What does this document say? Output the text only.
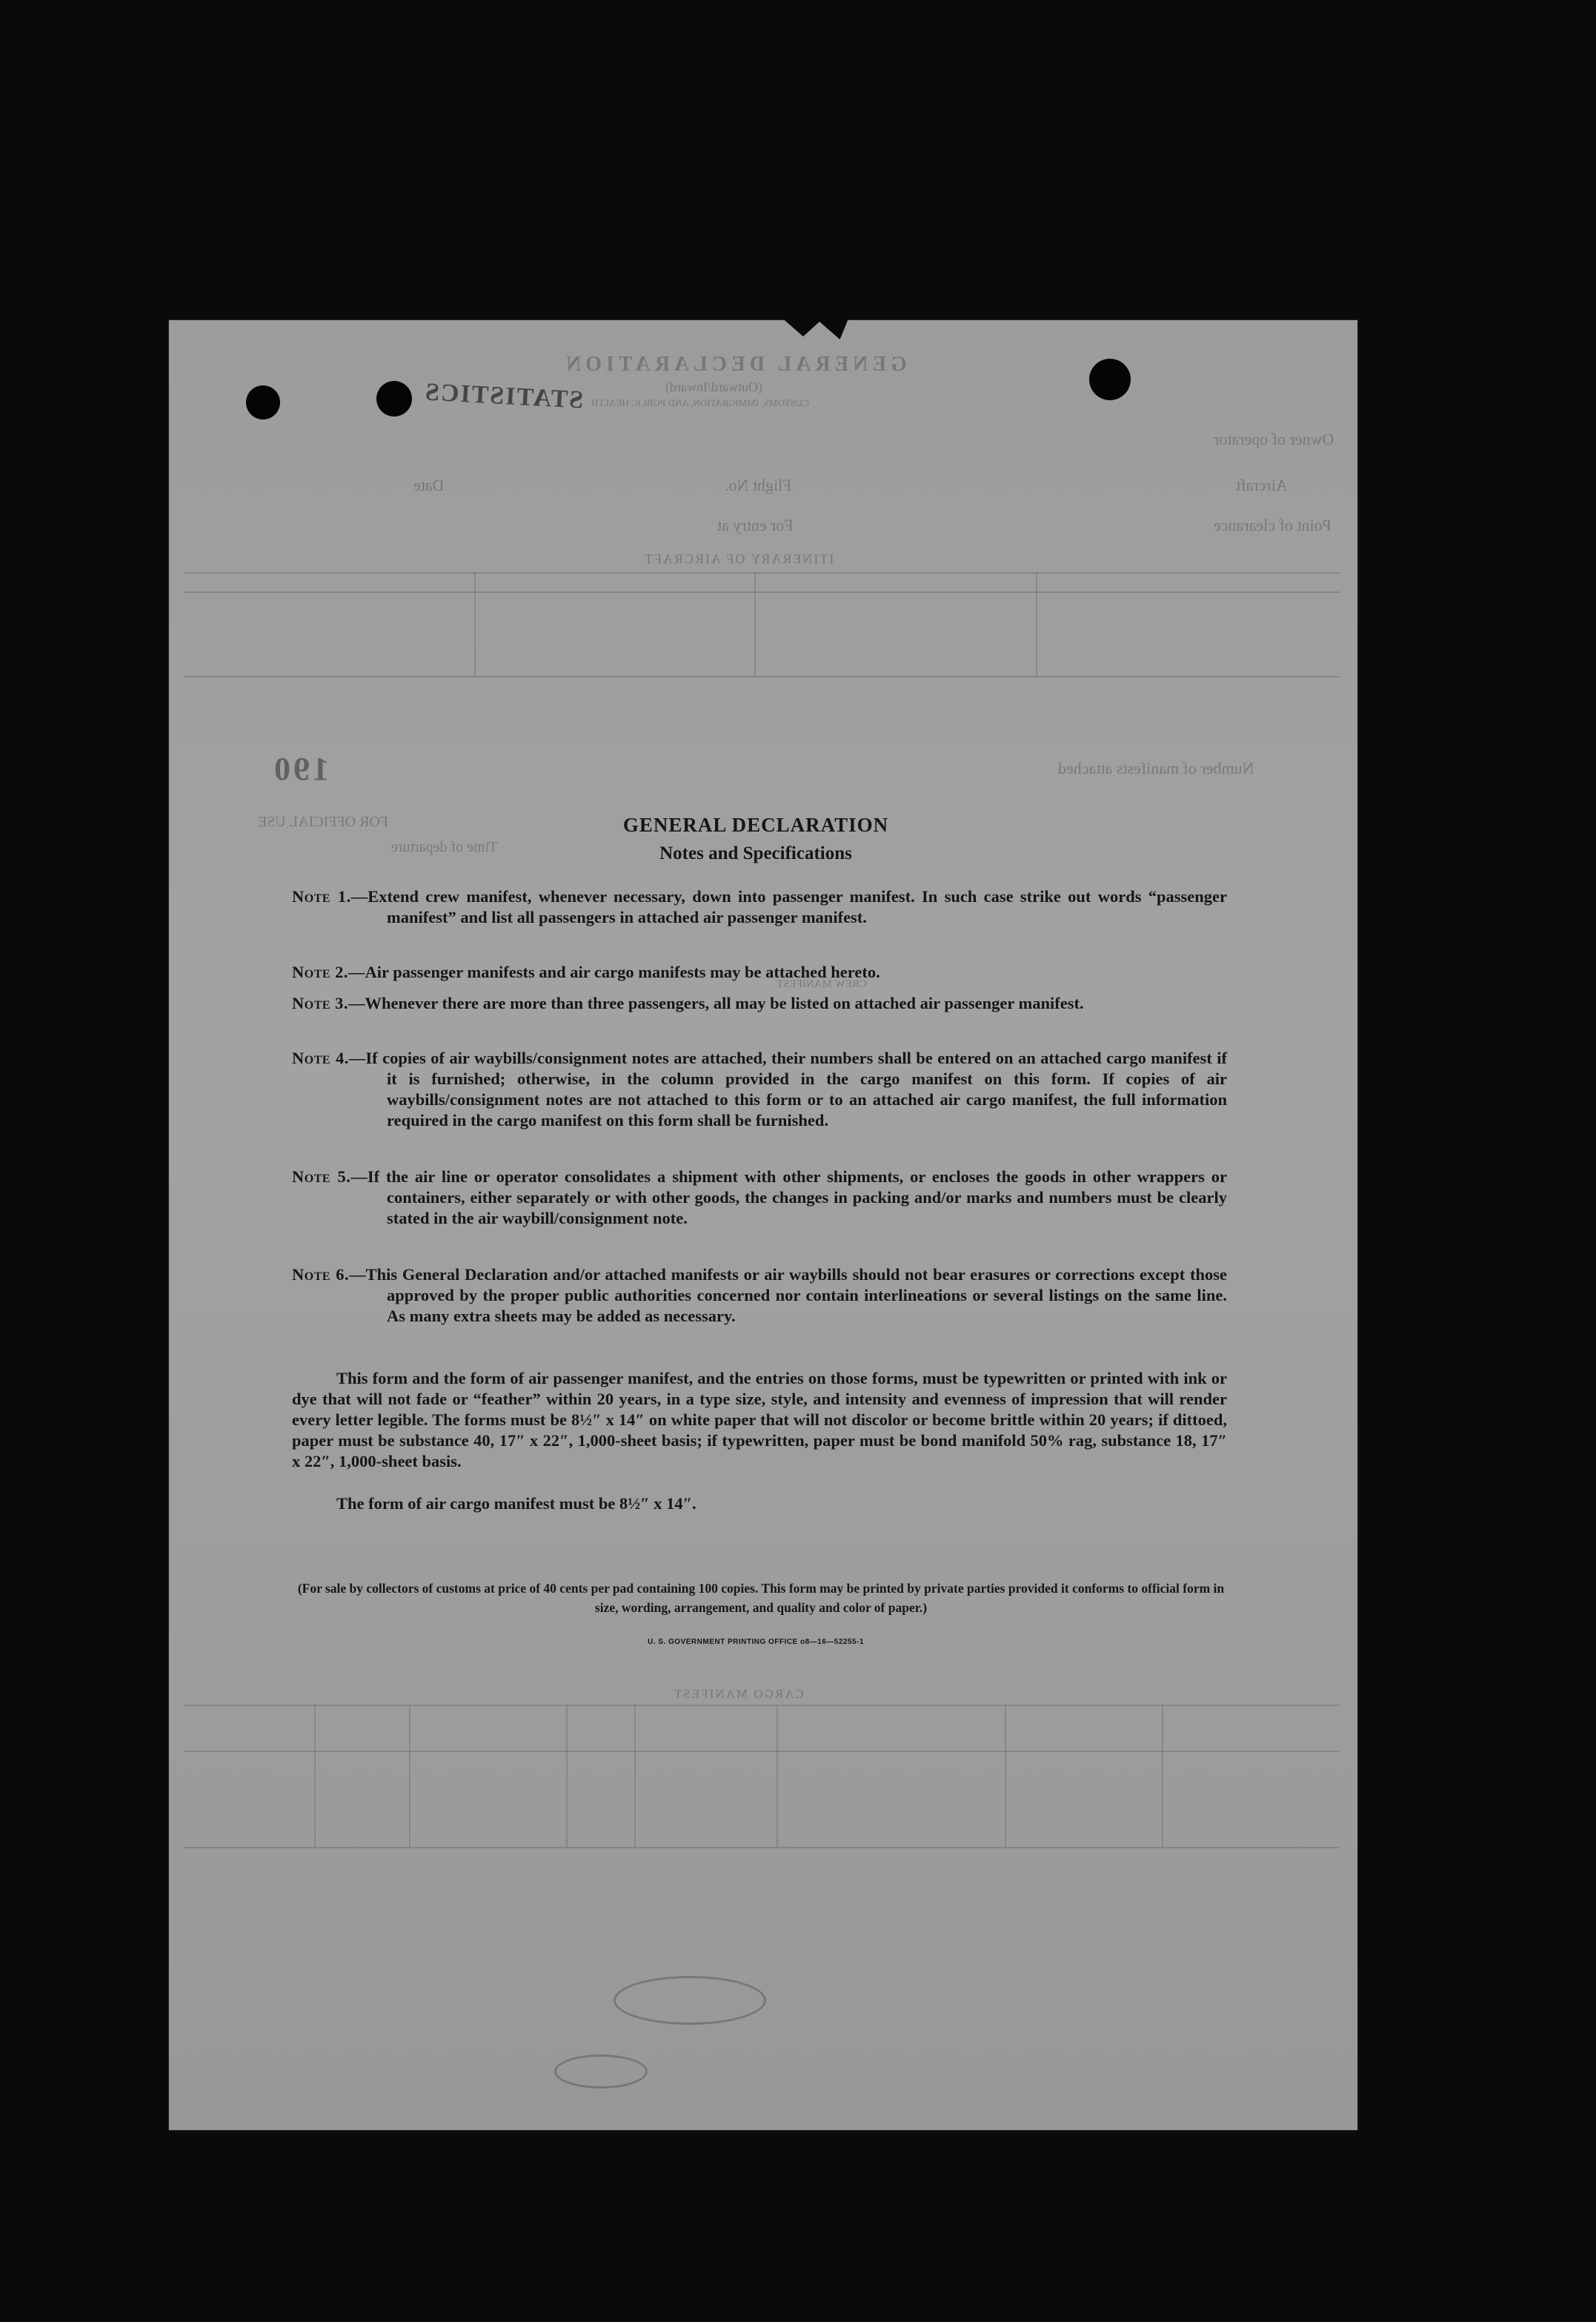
GENERAL DECLARATION
(Outward/Inward)
CUSTOMS, IMMIGRATION, AND PUBLIC HEALTH
Owner of operator
Aircraft
Point of clearance
Flight No.
Date
For entry at
ITINERARY OF AIRCRAFT
Number of manifests attached
FOR OFFICIAL USE
Time of departure
CREW MANIFEST
CARGO MANIFEST
STATISTICS
190
GENERAL DECLARATION
Notes and Specifications
Note 1.—Extend crew manifest, whenever necessary, down into passenger manifest. In such case strike out words “passenger manifest” and list all passengers in attached air passenger manifest.
Note 2.—Air passenger manifests and air cargo manifests may be attached hereto.
Note 3.—Whenever there are more than three passengers, all may be listed on attached air passenger manifest.
Note 4.—If copies of air waybills/consignment notes are attached, their numbers shall be entered on an attached cargo manifest if it is furnished; otherwise, in the column provided in the cargo manifest on this form. If copies of air waybills/consignment notes are not attached to this form or to an attached air cargo manifest, the full information required in the cargo manifest on this form shall be furnished.
Note 5.—If the air line or operator consolidates a shipment with other shipments, or encloses the goods in other wrappers or containers, either separately or with other goods, the changes in packing and/or marks and numbers must be clearly stated in the air waybill/consignment note.
Note 6.—This General Declaration and/or attached manifests or air waybills should not bear erasures or corrections except those approved by the proper public authorities concerned nor contain interlineations or several listings on the same line. As many extra sheets may be added as necessary.
This form and the form of air passenger manifest, and the entries on those forms, must be typewritten or printed with ink or dye that will not fade or “feather” within 20 years, in a type size, style, and intensity and evenness of impression that will render every letter legible. The forms must be 8½″ x 14″ on white paper that will not discolor or become brittle within 20 years; if dittoed, paper must be substance 40, 17″ x 22″, 1,000-sheet basis; if typewritten, paper must be bond manifold 50% rag, substance 18, 17″ x 22″, 1,000-sheet basis.
The form of air cargo manifest must be 8½″ x 14″.
(For sale by collectors of customs at price of 40 cents per pad containing 100 copies. This form may be printed by private parties provided it conforms to official form in size, wording, arrangement, and quality and color of paper.)
U. S. GOVERNMENT PRINTING OFFICE o8—16—52255-1
